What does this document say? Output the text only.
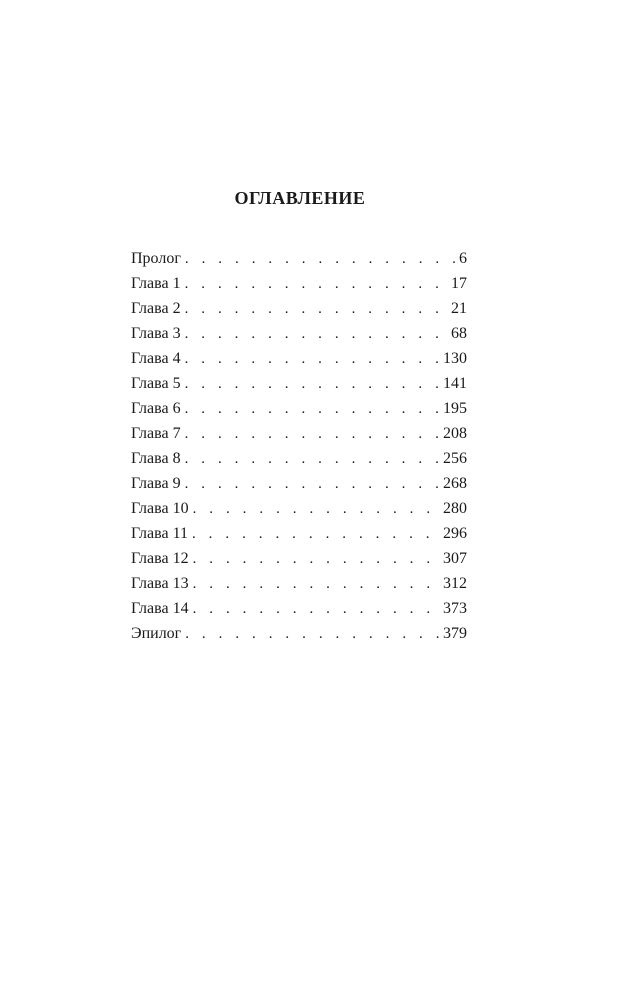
ОГЛАВЛЕНИЕ
Пролог . . .	6
Глава 1 . . .	17
Глава 2 . . .	21
Глава 3 . . .	68
Глава 4 . . .	130
Глава 5 . . .	141
Глава 6 . . .	195
Глава 7 . . .	208
Глава 8 . . .	256
Глава 9 . . .	268
Глава 10 . . .	280
Глава 11 . . .	296
Глава 12 . . .	307
Глава 13 . . .	312
Глава 14 . . .	373
Эпилог . . .	379
